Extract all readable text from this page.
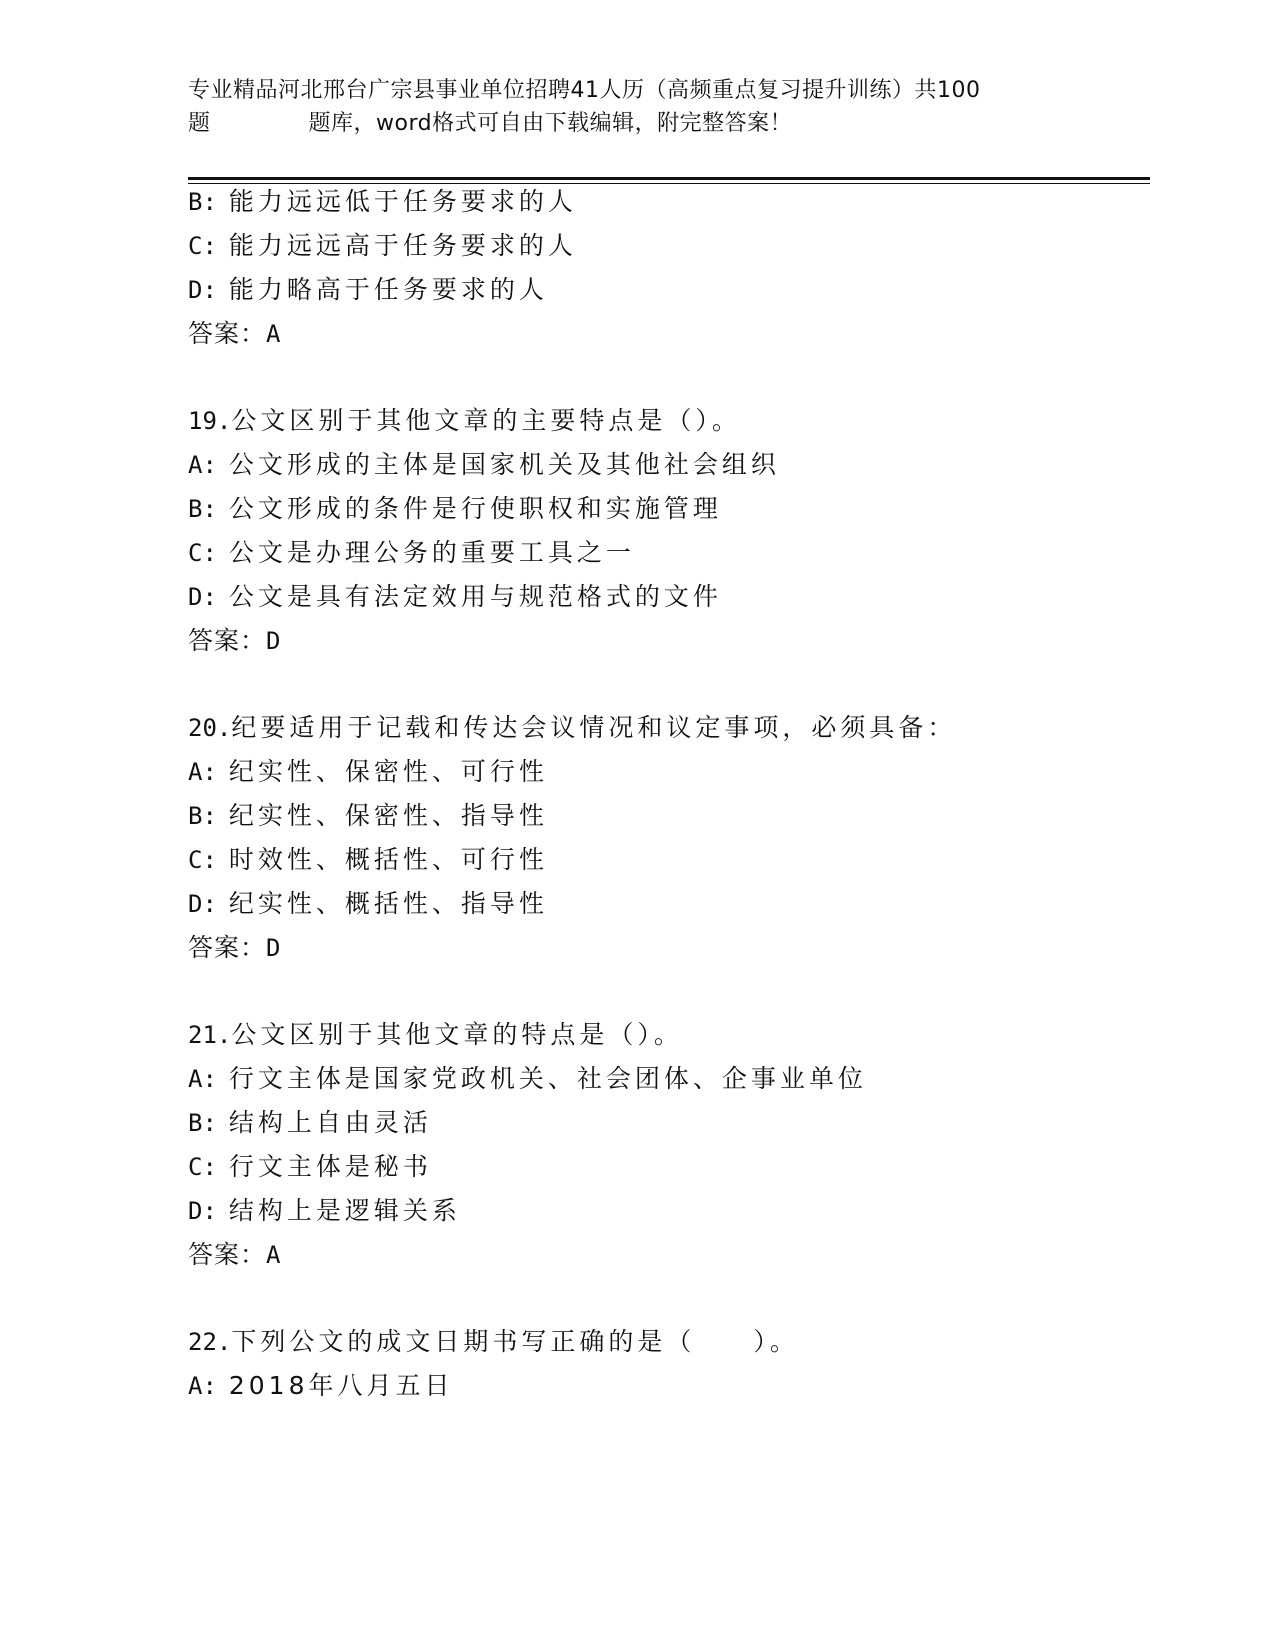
专业精品河北邢台广宗县事业单位招聘41人历（高频重点复习提升训练）共100
题	题库，word格式可自由下载编辑，附完整答案！
B: 能力远远低于任务要求的人
C: 能力远远高于任务要求的人
D: 能力略高于任务要求的人
答案：A
19.公文区别于其他文章的主要特点是（）。
A: 公文形成的主体是国家机关及其他社会组织
B: 公文形成的条件是行使职权和实施管理
C: 公文是办理公务的重要工具之一
D: 公文是具有法定效用与规范格式的文件
答案：D
20.纪要适用于记载和传达会议情况和议定事项，必须具备：
A: 纪实性、保密性、可行性
B: 纪实性、保密性、指导性
C: 时效性、概括性、可行性
D: 纪实性、概括性、指导性
答案：D
21.公文区别于其他文章的特点是（）。
A: 行文主体是国家党政机关、社会团体、企事业单位
B: 结构上自由灵活
C: 行文主体是秘书
D: 结构上是逻辑关系
答案：A
22.下列公文的成文日期书写正确的是（　　）。
A: 2018年八月五日
